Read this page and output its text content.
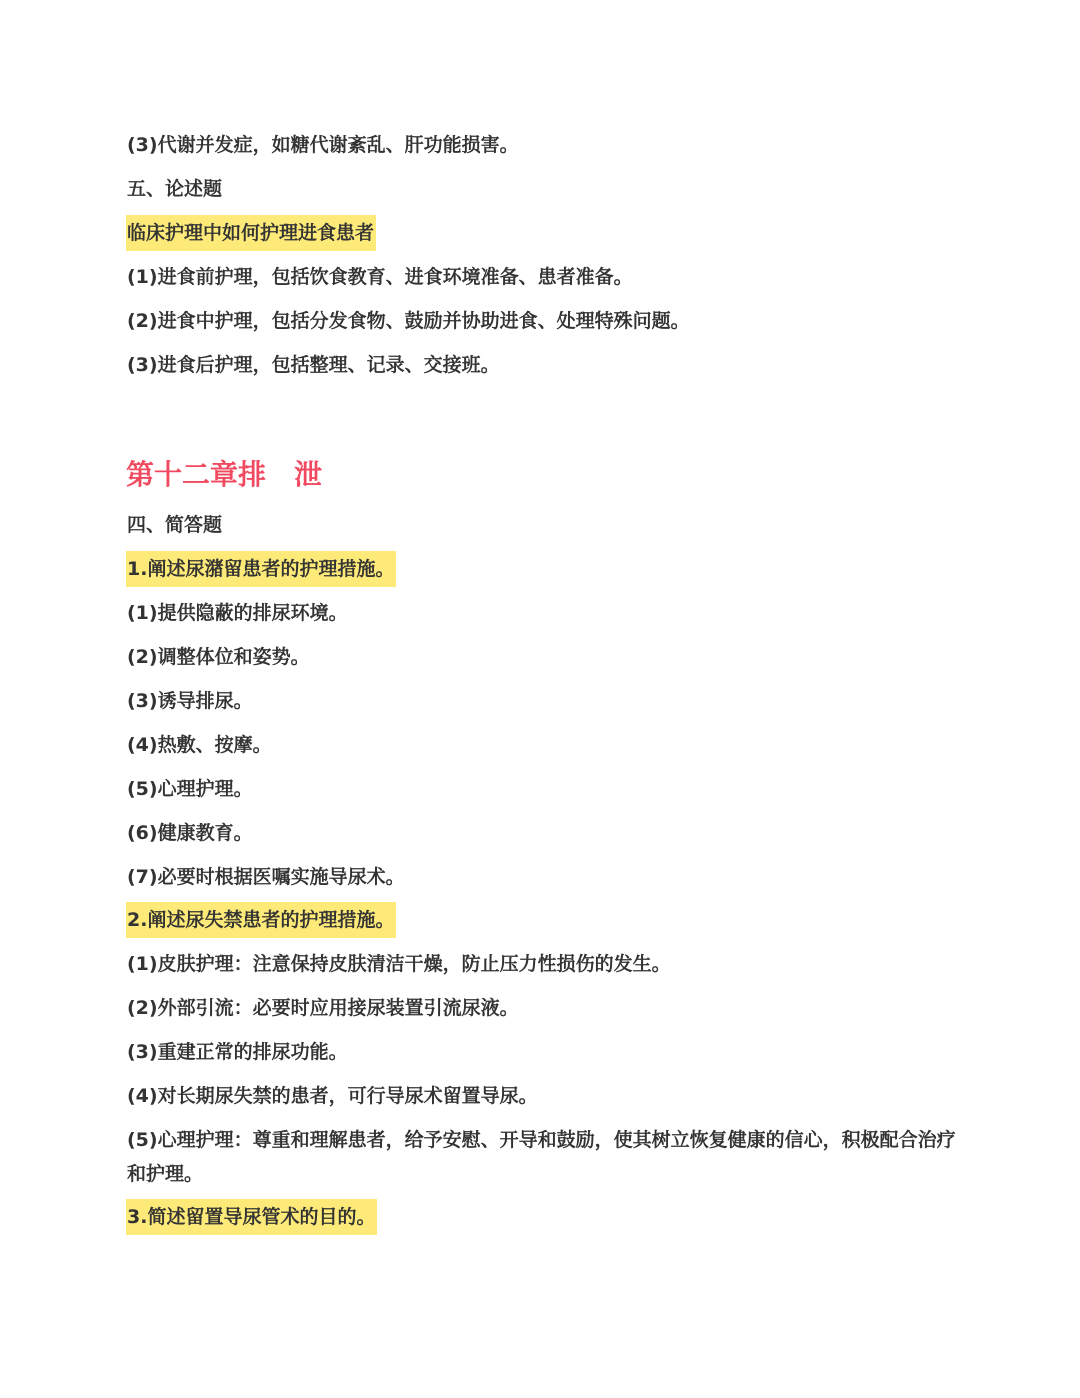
(3)代谢并发症，如糖代谢紊乱、肝功能损害。
五、论述题
临床护理中如何护理进食患者
(1)进食前护理，包括饮食教育、进食环境准备、患者准备。
(2)进食中护理，包括分发食物、鼓励并协助进食、处理特殊问题。
(3)进食后护理，包括整理、记录、交接班。
第十二章排　泄
四、简答题
1.阐述尿潴留患者的护理措施。
(1)提供隐蔽的排尿环境。
(2)调整体位和姿势。
(3)诱导排尿。
(4)热敷、按摩。
(5)心理护理。
(6)健康教育。
(7)必要时根据医嘱实施导尿术。
2.阐述尿失禁患者的护理措施。
(1)皮肤护理：注意保持皮肤清洁干燥，防止压力性损伤的发生。
(2)外部引流：必要时应用接尿装置引流尿液。
(3)重建正常的排尿功能。
(4)对长期尿失禁的患者，可行导尿术留置导尿。
(5)心理护理：尊重和理解患者，给予安慰、开导和鼓励，使其树立恢复健康的信心，积极配合治疗和护理。
3.简述留置导尿管术的目的。
